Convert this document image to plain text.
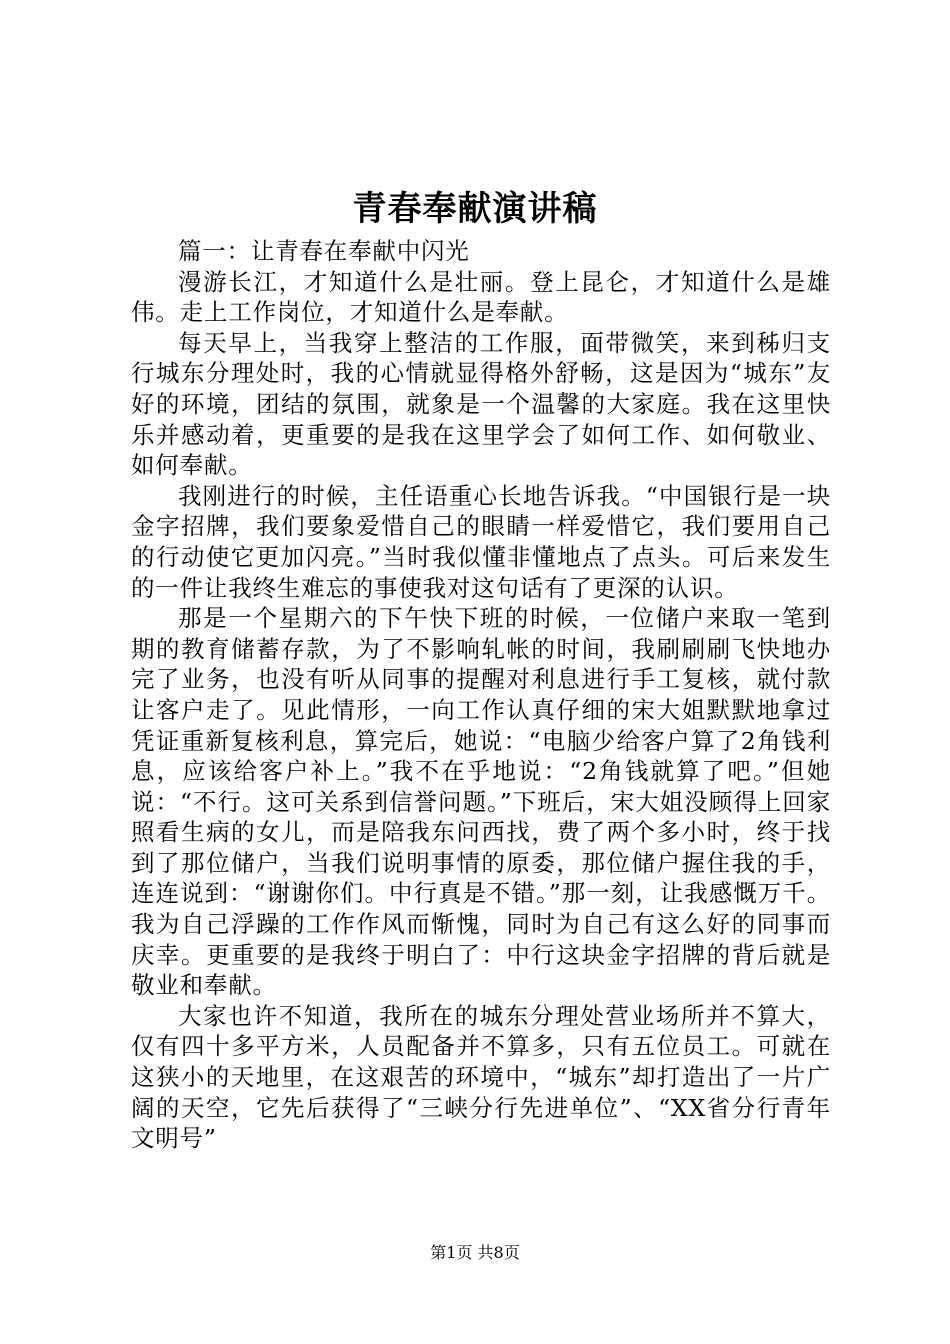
青春奉献演讲稿

篇一：让青春在奉献中闪光

漫游长江，才知道什么是壮丽。登上昆仑，才知道什么是雄伟。走上工作岗位，才知道什么是奉献。

每天早上，当我穿上整洁的工作服，面带微笑，来到秭归支行城东分理处时，我的心情就显得格外舒畅，这是因为“城东”友好的环境，团结的氛围，就象是一个温馨的大家庭。我在这里快乐并感动着，更重要的是我在这里学会了如何工作、如何敬业、如何奉献。

我刚进行的时候，主任语重心长地告诉我。“中国银行是一块金字招牌，我们要象爱惜自己的眼睛一样爱惜它，我们要用自己的行动使它更加闪亮。”当时我似懂非懂地点了点头。可后来发生的一件让我终生难忘的事使我对这句话有了更深的认识。

那是一个星期六的下午快下班的时候，一位储户来取一笔到期的教育储蓄存款，为了不影响轧帐的时间，我刷刷刷飞快地办完了业务，也没有听从同事的提醒对利息进行手工复核，就付款让客户走了。见此情形，一向工作认真仔细的宋大姐默默地拿过凭证重新复核利息，算完后，她说：“电脑少给客户算了2角钱利息，应该给客户补上。”我不在乎地说：“2角钱就算了吧。”但她说：“不行。这可关系到信誉问题。”下班后，宋大姐没顾得上回家照看生病的女儿，而是陪我东问西找，费了两个多小时，终于找到了那位储户，当我们说明事情的原委，那位储户握住我的手，连连说到：“谢谢你们。中行真是不错。”那一刻，让我感慨万千。我为自己浮躁的工作作风而惭愧，同时为自己有这么好的同事而庆幸。更重要的是我终于明白了：中行这块金字招牌的背后就是敬业和奉献。

大家也许不知道，我所在的城东分理处营业场所并不算大，仅有四十多平方米，人员配备并不算多，只有五位员工。可就在这狭小的天地里，在这艰苦的环境中，“城东”却打造出了一片广阔的天空，它先后获得了“三峡分行先进单位”、“XX省分行青年文明号”

第1页 共8页
